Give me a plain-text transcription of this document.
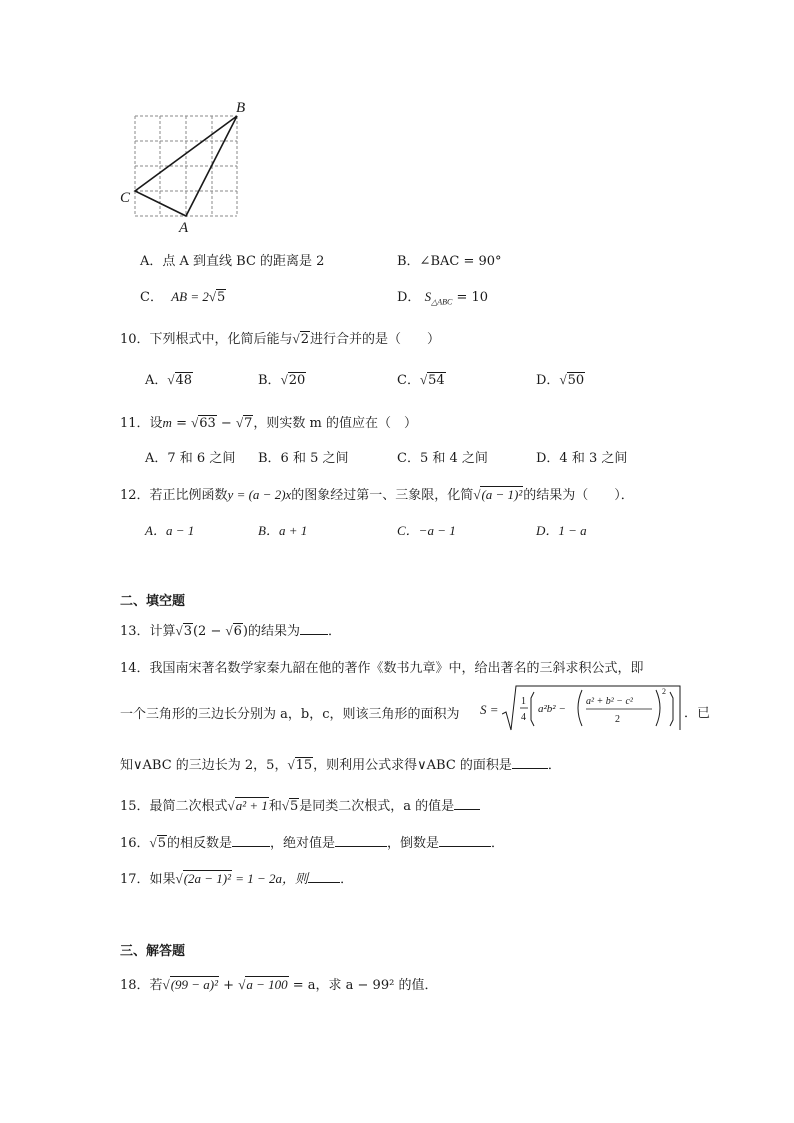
B
C
A
A．点 A 到直线 BC 的距离是 2	B．∠BAC = 90°
C． AB = 2√5	D． $S_{\triangle ABC} = 10$
10．下列根式中，化简后能与√2进行合并的是（　　）
A．√48	B．√20	C．√54	D．√50
11．设m = √63 − √7，则实数 m 的值应在（　）
A．7 和 6 之间 B．6 和 5 之间	C．5 和 4 之间	D．4 和 3 之间
12．若正比例函数y = (a − 2)x的图象经过第一、三象限，化简√(a − 1)²的结果为（　　）．
A．a − 1	B．a + 1	C．−a − 1	D．1 − a
二、填空题
13．计算√3(2 − √6)的结果为 ．
14．我国南宋著名数学家秦九韶在他的著作《数书九章》中，给出著名的三斜求积公式，即
一个三角形的三边长分别为 a，b，c，则该三角形的面积为 S =
1
4
a²b² −
a² + b² − c²
2
2
．已
知∨ABC 的三边长为 2，5，√15，则利用公式求得∨ABC 的面积是	．
15．最简二次根式√a² + 1和√5是同类二次根式，a 的值是
16．√5的相反数是	，绝对值是	，倒数是	．
17．如果√(2a − 1)² = 1 − 2a，则 ．
三、解答题
18．若√(99 − a)² + √a − 100 = a，求 a − 99² 的值．
